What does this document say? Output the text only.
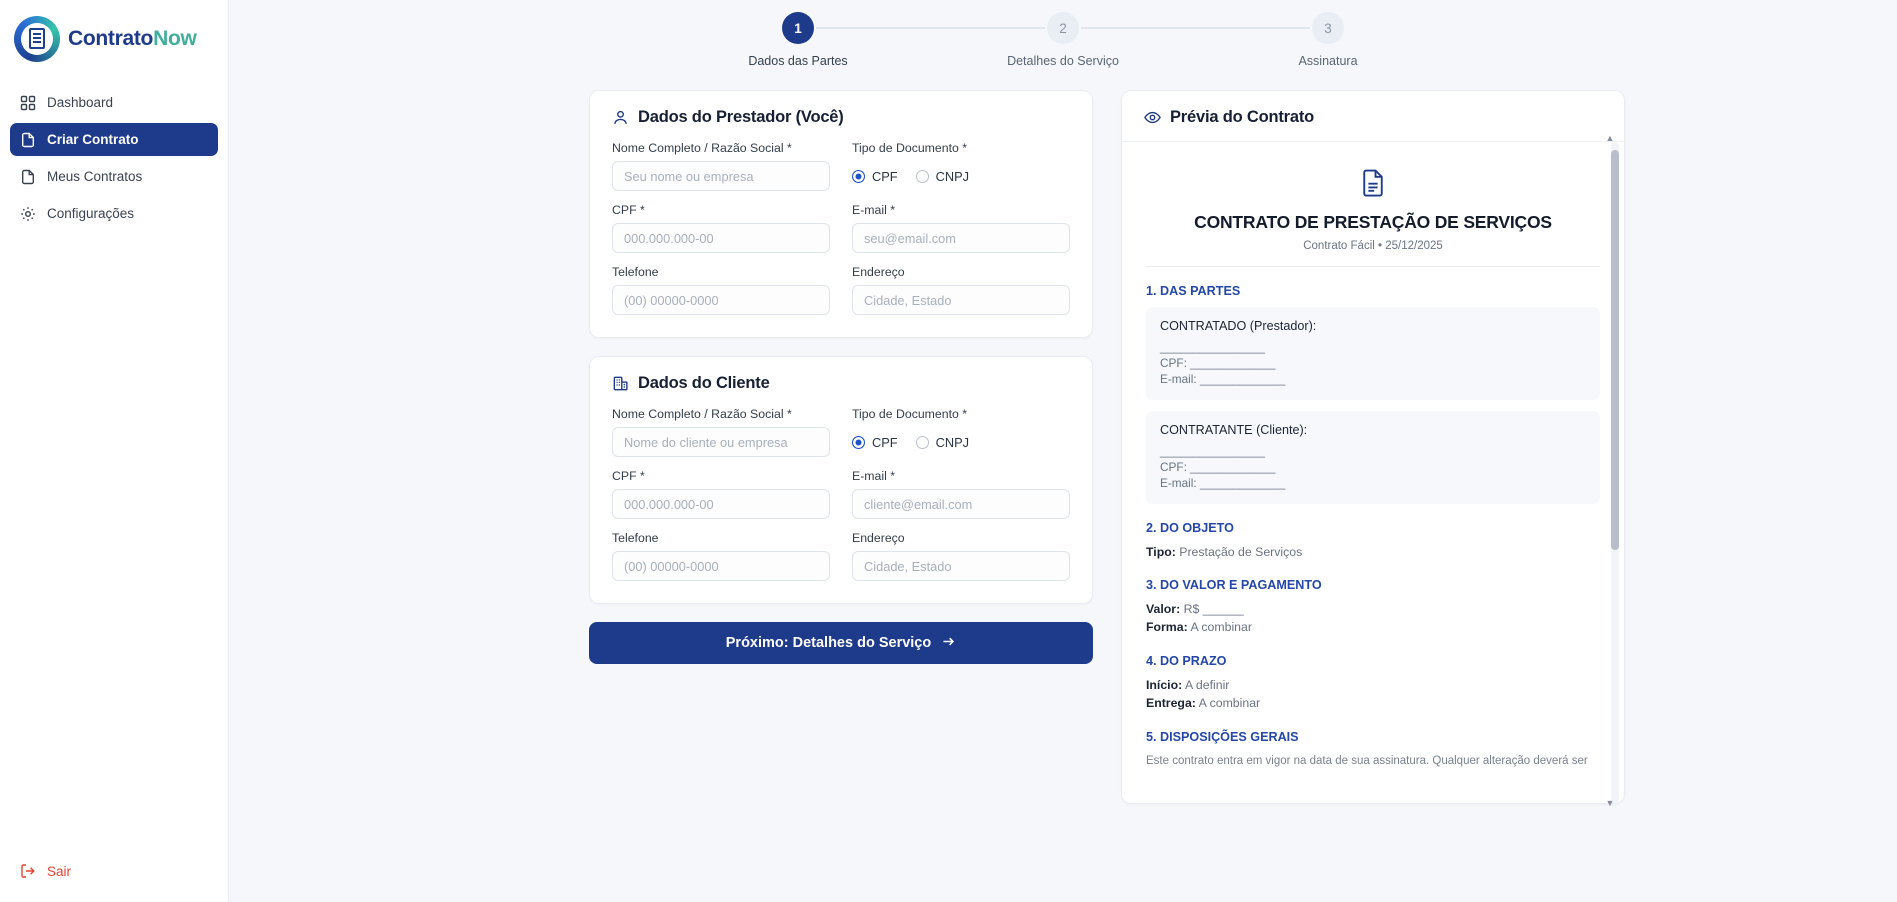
ContratoNow
Dashboard
Criar Contrato
Meus Contratos
Configurações
Sair
1
Dados das Partes
2
Detalhes do Serviço
3
Assinatura
Dados do Prestador (Você)
Nome Completo / Razão Social *
Seu nome ou empresa	Tipo de Documento *
CPF	CNPJ
CPF *
000.000.000-00	E-mail *
seu@email.com
Telefone
(00) 00000-0000	Endereço
Cidade, Estado
Dados do Cliente
Nome Completo / Razão Social *
Nome do cliente ou empresa	Tipo de Documento *
CPF	CNPJ
CPF *
000.000.000-00	E-mail *
cliente@email.com
Telefone
(00) 00000-0000	Endereço
Cidade, Estado
Próximo: Detalhes do Serviço
Prévia do Contrato
CONTRATO DE PRESTAÇÃO DE SERVIÇOS
Contrato Fácil • 25/12/2025
1. DAS PARTES
CONTRATADO (Prestador):
________________
CPF: _____________
E-mail: _____________
CONTRATANTE (Cliente):
________________
CPF: _____________
E-mail: _____________
2. DO OBJETO
Tipo: Prestação de Serviços
3. DO VALOR E PAGAMENTO
Valor: R$ ______
Forma: A combinar
4. DO PRAZO
Início: A definir
Entrega: A combinar
5. DISPOSIÇÕES GERAIS
Este contrato entra em vigor na data de sua assinatura. Qualquer alteração deverá ser
▲
▼
